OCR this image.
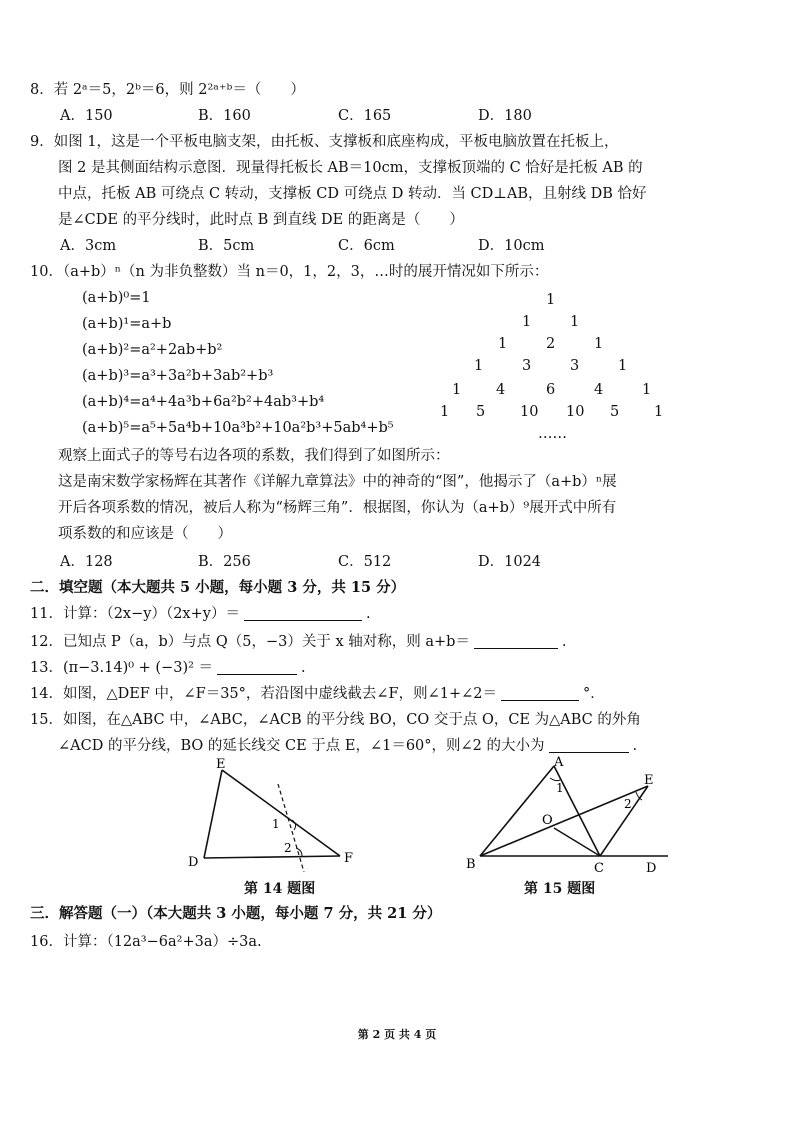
8．若 2ᵃ＝5，2ᵇ＝6，则 2²ᵃ⁺ᵇ＝（　　）
A．150	B．160	C．165	D．180
9．如图 1，这是一个平板电脑支架，由托板、支撑板和底座构成，平板电脑放置在托板上，
图 2 是其侧面结构示意图．现量得托板长 AB＝10cm，支撑板顶端的 C 恰好是托板 AB 的
中点，托板 AB 可绕点 C 转动，支撑板 CD 可绕点 D 转动．当 CD⊥AB，且射线 DB 恰好
是∠CDE 的平分线时，此时点 B 到直线 DE 的距离是（　　）
A．3cm	B．5cm	C．6cm	D．10cm
10．（a+b）ⁿ（n 为非负整数）当 n＝0，1，2，3，…时的展开情况如下所示：
(a+b)⁰=1
(a+b)¹=a+b
(a+b)²=a²+2ab+b²
(a+b)³=a³+3a²b+3ab²+b³
(a+b)⁴=a⁴+4a³b+6a²b²+4ab³+b⁴
(a+b)⁵=a⁵+5a⁴b+10a³b²+10a²b³+5ab⁴+b⁵
1
1	1
1	2	1
1	3	3	1
1 4	6	4	1
1 5 10 10 5 1
……
观察上面式子的等号右边各项的系数，我们得到了如图所示：
这是南宋数学家杨辉在其著作《详解九章算法》中的神奇的“图”，他揭示了（a+b）ⁿ展
开后各项系数的情况，被后人称为“杨辉三角”．根据图，你认为（a+b）⁹展开式中所有
项系数的和应该是（　　）
A．128	B．256	C．512	D．1024
二．填空题（本大题共 5 小题，每小题 3 分，共 15 分）
11．计算：（2x−y）（2x+y）＝	.
12．已知点 P（a，b）与点 Q（5，−3）关于 x 轴对称，则 a+b＝	.
13．(π−3.14)⁰ + (−3)² ＝	.
14．如图，△DEF 中，∠F＝35°，若沿图中虚线截去∠F，则∠1+∠2＝	°．
15．如图，在△ABC 中，∠ABC，∠ACB 的平分线 BO，CO 交于点 O，CE 为△ABC 的外角
∠ACD 的平分线，BO 的延长线交 CE 于点 E，∠1＝60°，则∠2 的大小为	.
E
D	F
1
2
第 14 题图
A
B	C	D
E
O
1
2
第 15 题图
三．解答题（一）（本大题共 3 小题，每小题 7 分，共 21 分）
16．计算：（12a³−6a²+3a）÷3a.
第 2 页 共 4 页
